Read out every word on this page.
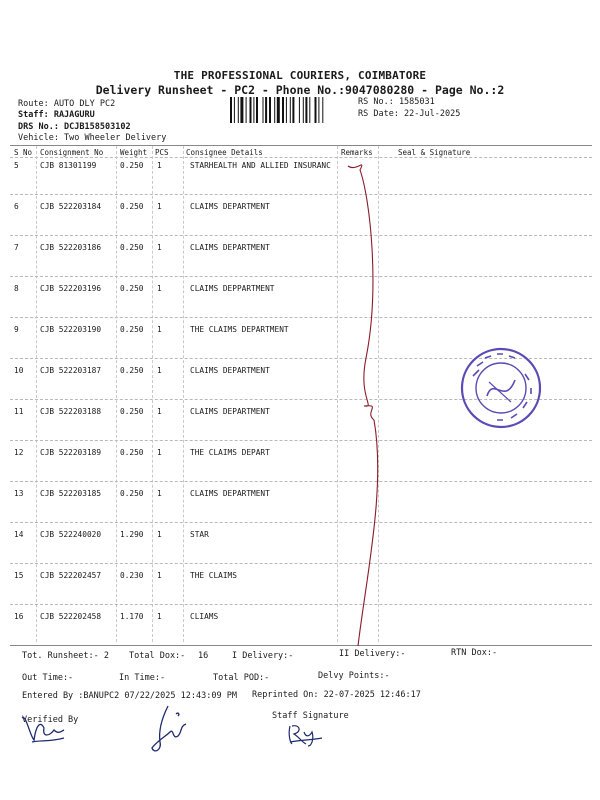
THE PROFESSIONAL COURIERS, COIMBATORE
Delivery Runsheet - PC2 - Phone No.:9047080280 - Page No.:2
Route: AUTO DLY PC2
Staff: RAJAGURU
DRS No.: DCJB158503102
Vehicle: Two Wheeler Delivery
RS No.: 1585031
RS Date: 22-Jul-2025
S No Consignment No Weight PCS Consignee Details	Remarks	Seal & Signature
5	CJB 81301199	0.250 1	STARHEALTH AND ALLIED INSURANC
6	CJB 522203184 0.250 1	CLAIMS DEPARTMENT
7	CJB 522203186 0.250 1	CLAIMS DEPARTMENT
8	CJB 522203196 0.250 1	CLAIMS DEPPARTMENT
9	CJB 522203190 0.250 1	THE CLAIMS DEPARTMENT
10 CJB 522203187 0.250 1	CLAIMS DEPARTMENT
11 CJB 522203188 0.250 1	CLAIMS DEPARTMENT
12 CJB 522203189 0.250 1	THE CLAIMS DEPART
13 CJB 522203185 0.250 1	CLAIMS DEPARTMENT
14 CJB 522240020 1.290 1	STAR
15 CJB 522202457 0.230 1	THE CLAIMS
16 CJB 522202458 1.170 1	CLIAMS
Tot. Runsheet:- 2 Total Dox:- 16	I Delivery:-	II Delivery:-	RTN Dox:-
Out Time:-	In Time:-	Total POD:-	Delvy Points:-
Entered By :BANUPC2 07/22/2025 12:43:09 PM Reprinted On: 22-07-2025 12:46:17
Verified By	Staff Signature
